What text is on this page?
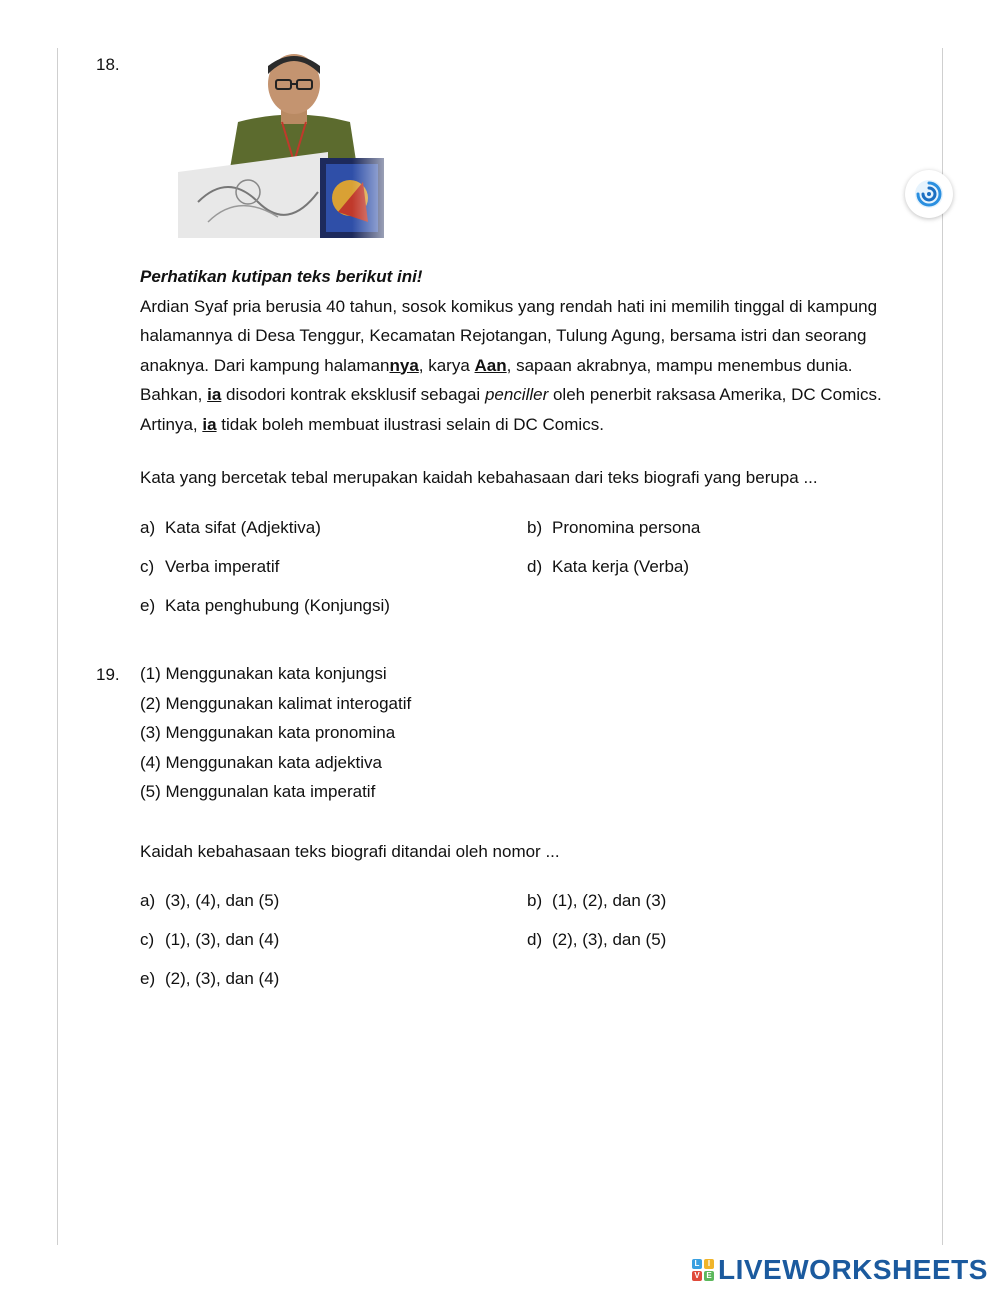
18.
Perhatikan kutipan teks berikut ini!
Ardian Syaf pria berusia 40 tahun, sosok komikus yang rendah hati ini memilih tinggal di kampung
halamannya di Desa Tenggur, Kecamatan Rejotangan, Tulung Agung, bersama istri dan seorang
anaknya. Dari kampung halamannya, karya Aan, sapaan akrabnya, mampu menembus dunia.
Bahkan, ia disodori kontrak eksklusif sebagai penciller oleh penerbit raksasa Amerika, DC Comics.
Artinya, ia tidak boleh membuat ilustrasi selain di DC Comics.
Kata yang bercetak tebal merupakan kaidah kebahasaan dari teks biografi yang berupa ...
a) Kata sifat (Adjektiva)	b) Pronomina persona
c) Verba imperatif	d) Kata kerja (Verba)
e) Kata penghubung (Konjungsi)
19. (1) Menggunakan kata konjungsi
(2) Menggunakan kalimat interogatif
(3) Menggunakan kata pronomina
(4) Menggunakan kata adjektiva
(5) Menggunalan kata imperatif
Kaidah kebahasaan teks biografi ditandai oleh nomor ...
a) (3), (4), dan (5)	b) (1), (2), dan (3)
c) (1), (3), dan (4)	d) (2), (3), dan (5)
e) (2), (3), dan (4)
L	I
V E LIVEWORKSHEETS
